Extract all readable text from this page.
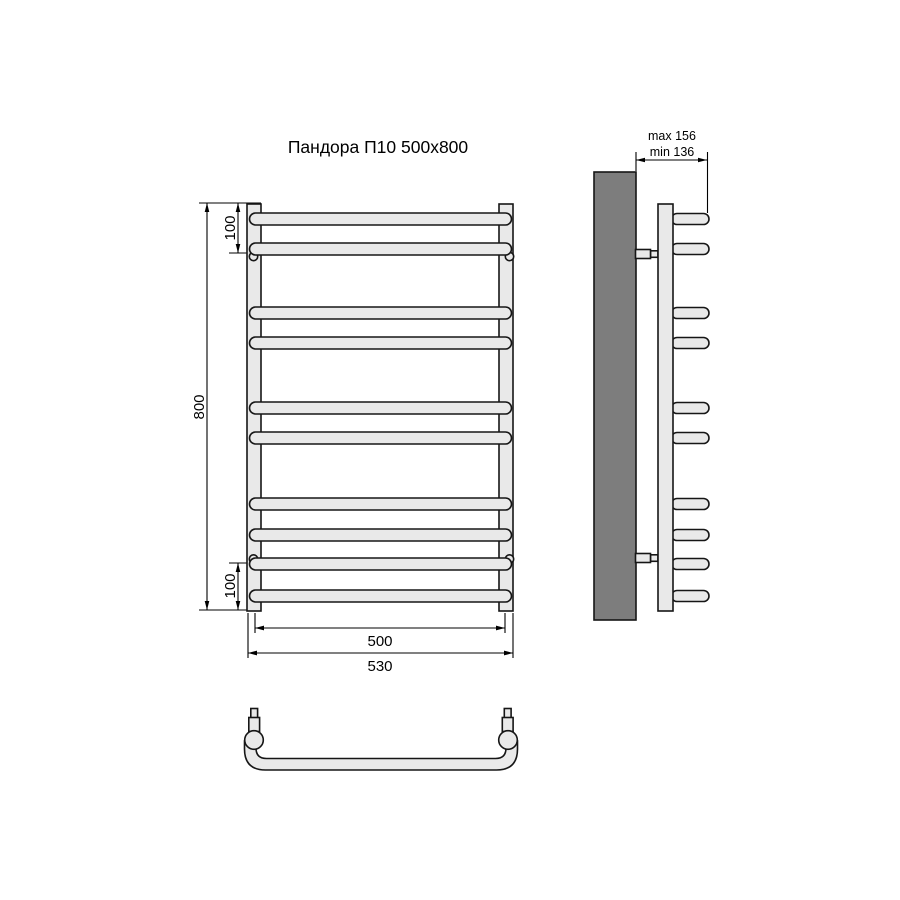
Пандора П10 500x800
800
100
100
500
530
max 156
min 136
